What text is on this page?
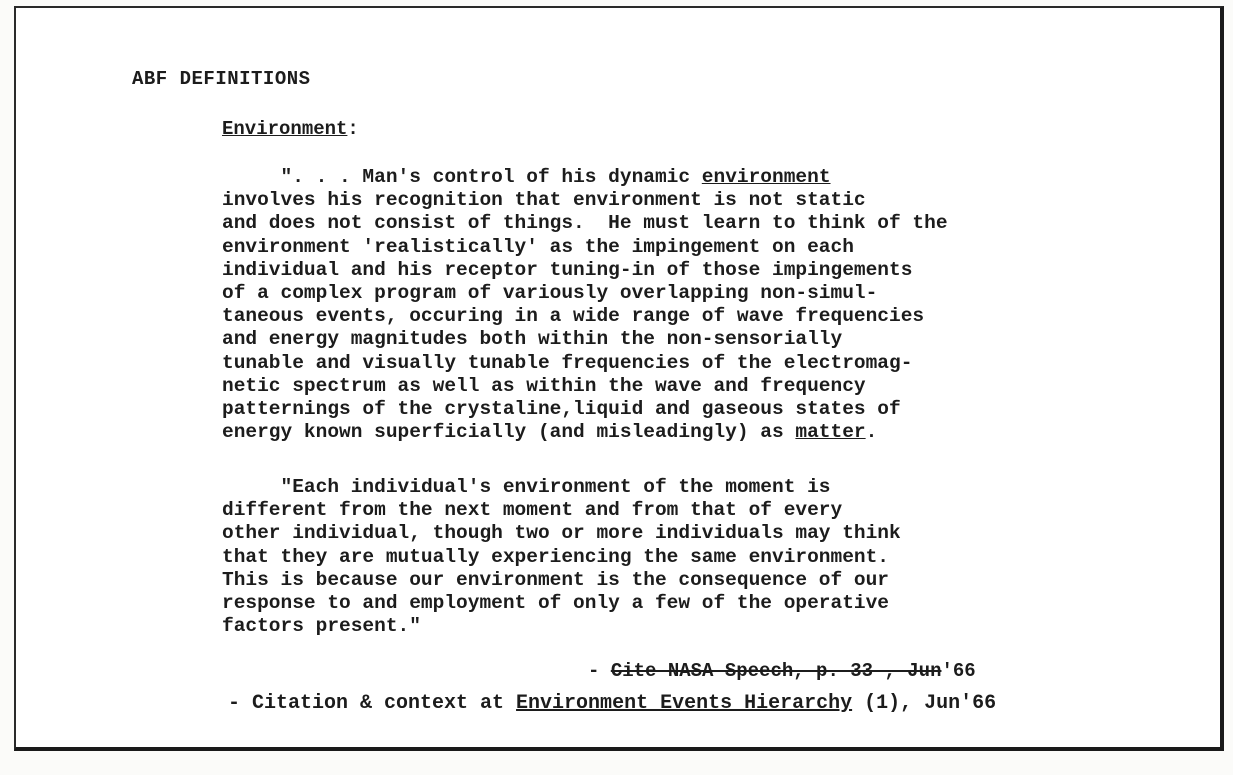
ABF DEFINITIONS
Environment:
". . . Man's control of his dynamic environment
involves his recognition that environment is not static
and does not consist of things.  He must learn to think of the
environment 'realistically' as the impingement on each
individual and his receptor tuning-in of those impingements
of a complex program of variously overlapping non-simul-
taneous events, occuring in a wide range of wave frequencies
and energy magnitudes both within the non-sensorially
tunable and visually tunable frequencies of the electromag-
netic spectrum as well as within the wave and frequency
patternings of the crystaline,liquid and gaseous states of
energy known superficially (and misleadingly) as matter.
"Each individual's environment of the moment is
different from the next moment and from that of every
other individual, though two or more individuals may think
that they are mutually experiencing the same environment.
This is because our environment is the consequence of our
response to and employment of only a few of the operative
factors present."
- Cite NASA Speech, p. 33 , Jun'66
- Citation & context at Environment Events Hierarchy (1), Jun'66
